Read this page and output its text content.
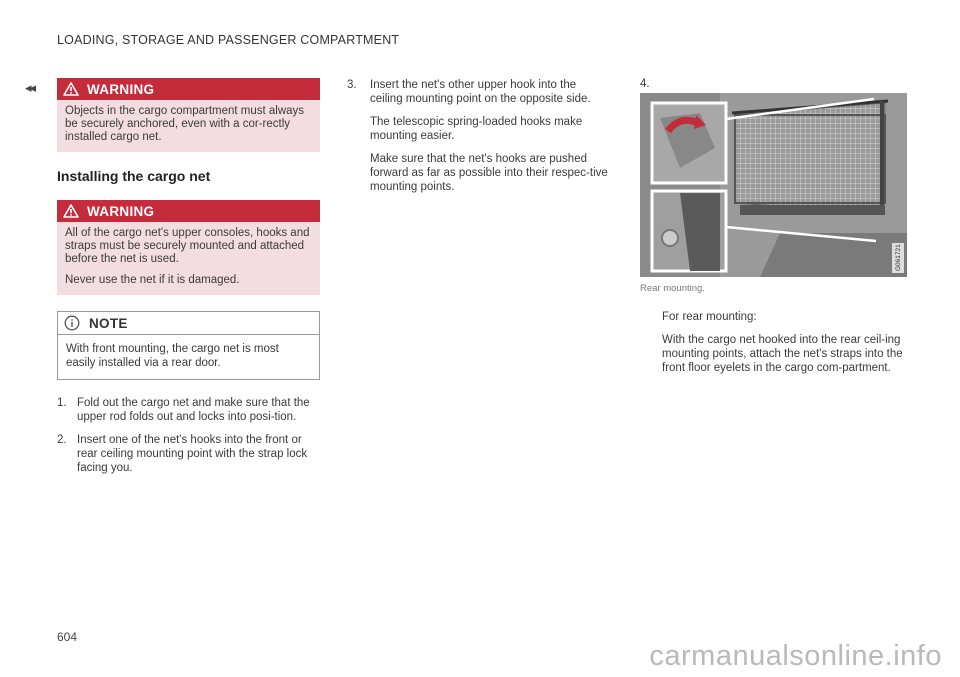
LOADING, STORAGE AND PASSENGER COMPARTMENT
◂◂	WARNING

Objects in the cargo compartment must always be securely anchored, even with a cor-rectly installed cargo net.

Installing the cargo net
WARNING

All of the cargo net's upper consoles, hooks and straps must be securely mounted and attached before the net is used.

Never use the net if it is damaged.

NOTE
With front mounting, the cargo net is most easily installed via a rear door.
1. Fold out the cargo net and make sure that the upper rod folds out and locks into posi-tion.

2. Insert one of the net's hooks into the front or rear ceiling mounting point with the strap lock facing you.

3.	Insert the net's other upper hook into the ceiling mounting point on the opposite side.

The telescopic spring-loaded hooks make mounting easier.

Make sure that the net's hooks are pushed forward as far as possible into their respec-tive mounting points.

4.
G061721
Rear mounting.

For rear mounting:

With the cargo net hooked into the rear ceil-ing mounting points, attach the net's straps into the front floor eyelets in the cargo com-partment.

604
carmanualsonline.info
